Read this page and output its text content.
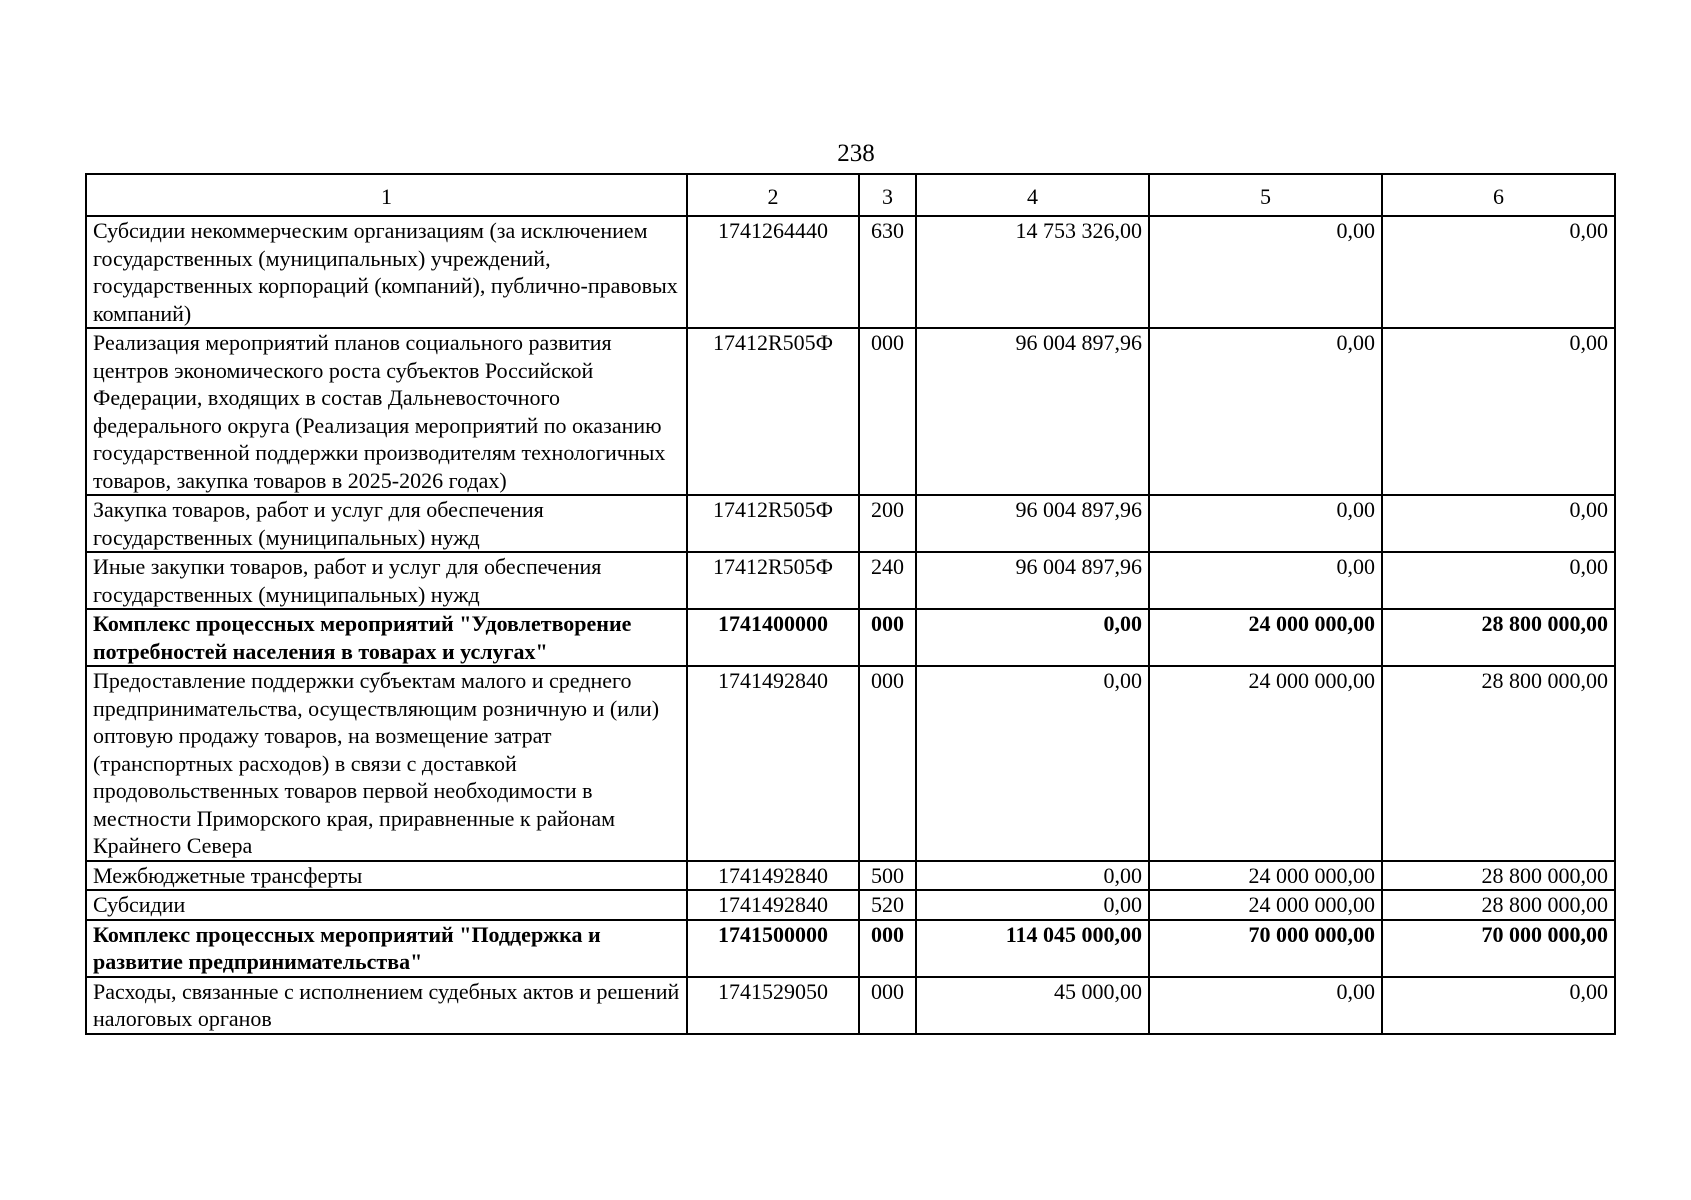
238
1	2	3	4	5	6
Субсидии некоммерческим организациям (за исключением государственных (муниципальных) учреждений, государственных корпораций (компаний), публично-правовых компаний)	1741264440	630	14 753 326,00	0,00	0,00
Реализация мероприятий планов социального развития центров экономического роста субъектов Российской Федерации, входящих в состав Дальневосточного федерального округа (Реализация мероприятий по оказанию государственной поддержки производителям технологичных товаров, закупка товаров в 2025-2026 годах)	17412R505Ф	000	96 004 897,96	0,00	0,00
Закупка товаров, работ и услуг для обеспечения государственных (муниципальных) нужд	17412R505Ф	200	96 004 897,96	0,00	0,00
Иные закупки товаров, работ и услуг для обеспечения государственных (муниципальных) нужд	17412R505Ф	240	96 004 897,96	0,00	0,00
Комплекс процессных мероприятий "Удовлетворение потребностей населения в товарах и услугах"	1741400000	000	0,00	24 000 000,00	28 800 000,00
Предоставление поддержки субъектам малого и среднего предпринимательства, осуществляющим розничную и (или) оптовую продажу товаров, на возмещение затрат (транспортных расходов) в связи с доставкой продовольственных товаров первой необходимости в местности Приморского края, приравненные к районам Крайнего Севера	1741492840	000	0,00	24 000 000,00	28 800 000,00
Межбюджетные трансферты	1741492840	500	0,00	24 000 000,00	28 800 000,00
Субсидии	1741492840	520	0,00	24 000 000,00	28 800 000,00
Комплекс процессных мероприятий "Поддержка и развитие предпринимательства"	1741500000	000	114 045 000,00	70 000 000,00	70 000 000,00
Расходы, связанные с исполнением судебных актов и решений налоговых органов	1741529050	000	45 000,00	0,00	0,00
